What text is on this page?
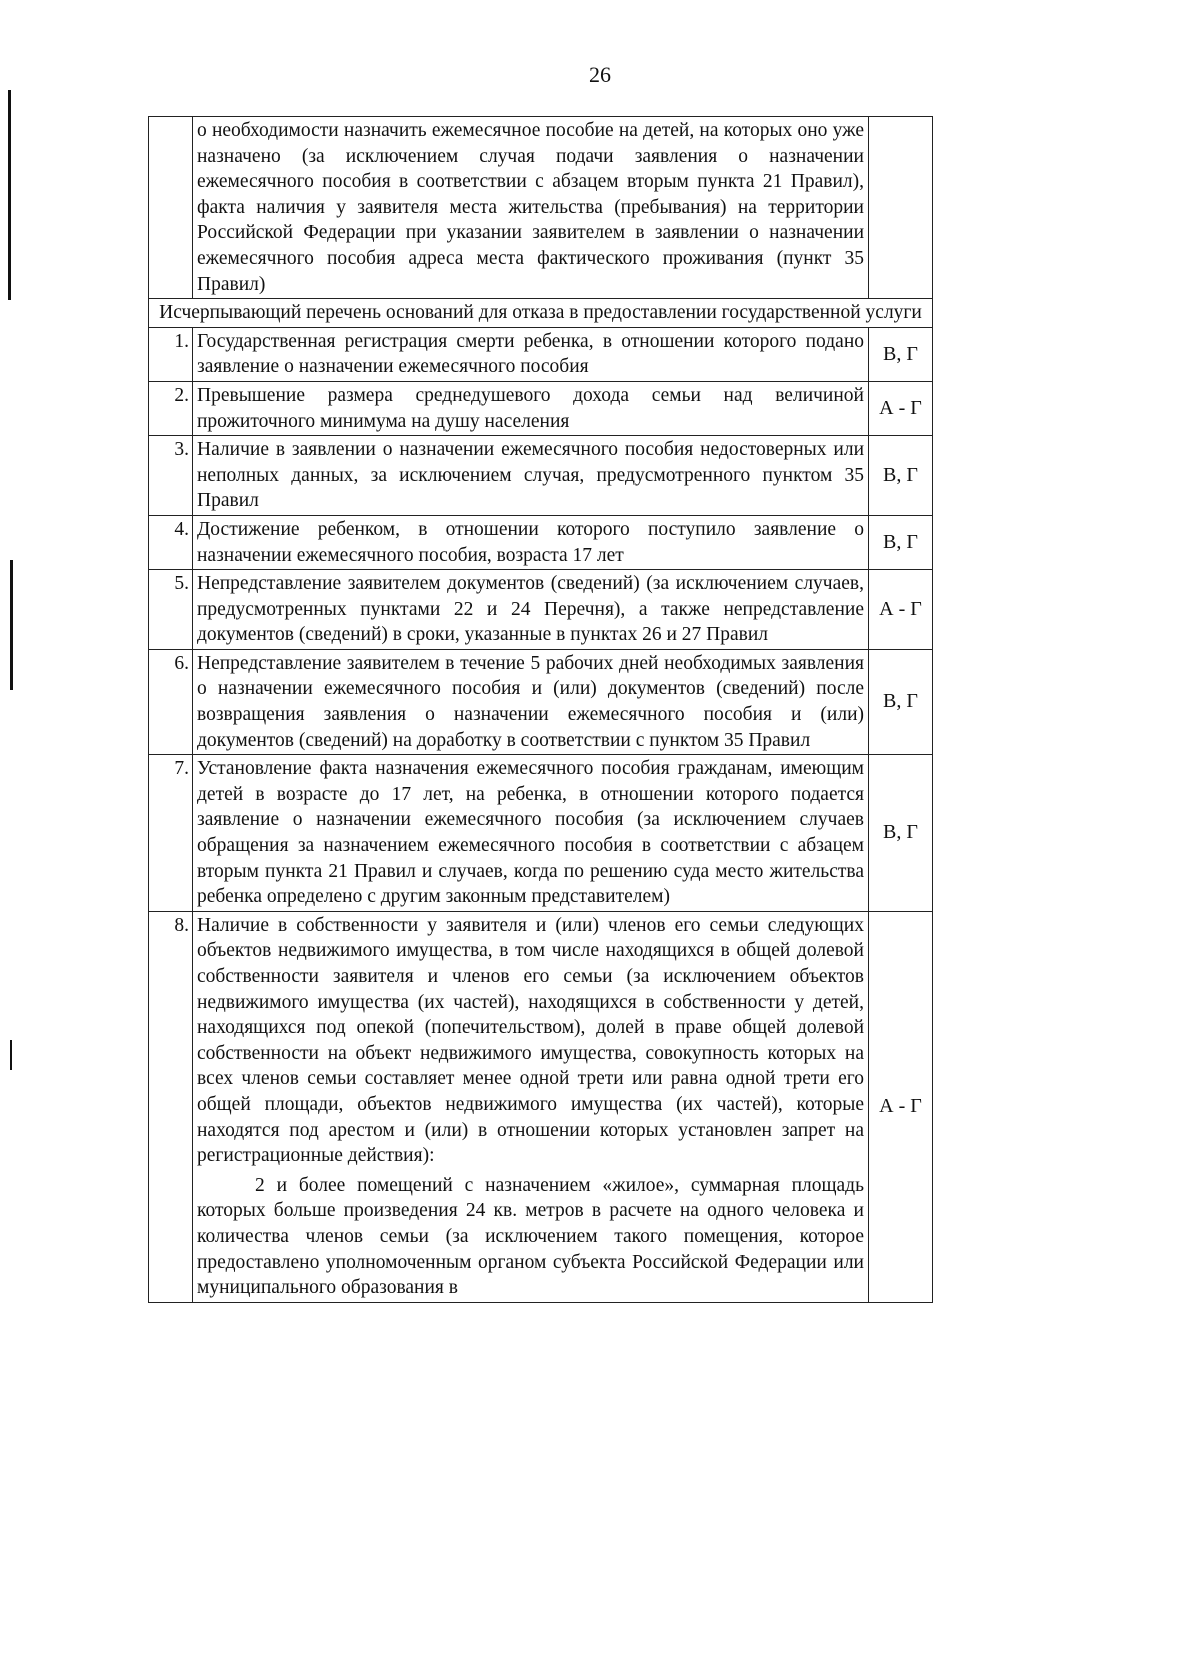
26
	о необходимости назначить ежемесячное пособие на детей, на которых оно уже назначено (за исключением случая подачи заявления о назначении ежемесячного пособия в соответствии с абзацем вторым пункта 21 Правил), факта наличия у заявителя места жительства (пребывания) на территории Российской Федерации при указании заявителем в заявлении о назначении ежемесячного пособия адреса места фактического проживания (пункт 35 Правил)	
Исчерпывающий перечень оснований для отказа в предоставлении государственной услуги		
1.	Государственная регистрация смерти ребенка, в отношении которого подано заявление о назначении ежемесячного пособия	В, Г
2.	Превышение размера среднедушевого дохода семьи над величиной прожиточного минимума на душу населения	А - Г
3.	Наличие в заявлении о назначении ежемесячного пособия недостоверных или неполных данных, за исключением случая, предусмотренного пунктом 35 Правил	В, Г
4.	Достижение ребенком, в отношении которого поступило заявление о назначении ежемесячного пособия, возраста 17 лет	В, Г
5.	Непредставление заявителем документов (сведений) (за исключением случаев, предусмотренных пунктами 22 и 24 Перечня), а также непредставление документов (сведений) в сроки, указанные в пунктах 26 и 27 Правил	А - Г
6.	Непредставление заявителем в течение 5 рабочих дней необходимых заявления о назначении ежемесячного пособия и (или) документов (сведений) после возвращения заявления о назначении ежемесячного пособия и (или) документов (сведений) на доработку в соответствии с пунктом 35 Правил	В, Г
7.	Установление факта назначения ежемесячного пособия гражданам, имеющим детей в возрасте до 17 лет, на ребенка, в отношении которого подается заявление о назначении ежемесячного пособия (за исключением случаев обращения за назначением ежемесячного пособия в соответствии с абзацем вторым пункта 21 Правил и случаев, когда по решению суда место жительства ребенка определено с другим законным представителем)	В, Г
8.	Наличие в собственности у заявителя и (или) членов его семьи следующих объектов недвижимого имущества, в том числе находящихся в общей долевой собственности заявителя и членов его семьи (за исключением объектов недвижимого имущества (их частей), находящихся в собственности у детей, находящихся под опекой (попечительством), долей в праве общей долевой собственности на объект недвижимого имущества, совокупность которых на всех членов семьи составляет менее одной трети или равна одной трети его общей площади, объектов недвижимого имущества (их частей), которые находятся под арестом и (или) в отношении которых установлен запрет на регистрационные действия):

2 и более помещений с назначением «жилое», суммарная площадь которых больше произведения 24 кв. метров в расчете на одного человека и количества членов семьи (за исключением такого помещения, которое предоставлено уполномоченным органом субъекта Российской Федерации или муниципального образования в	А - Г
